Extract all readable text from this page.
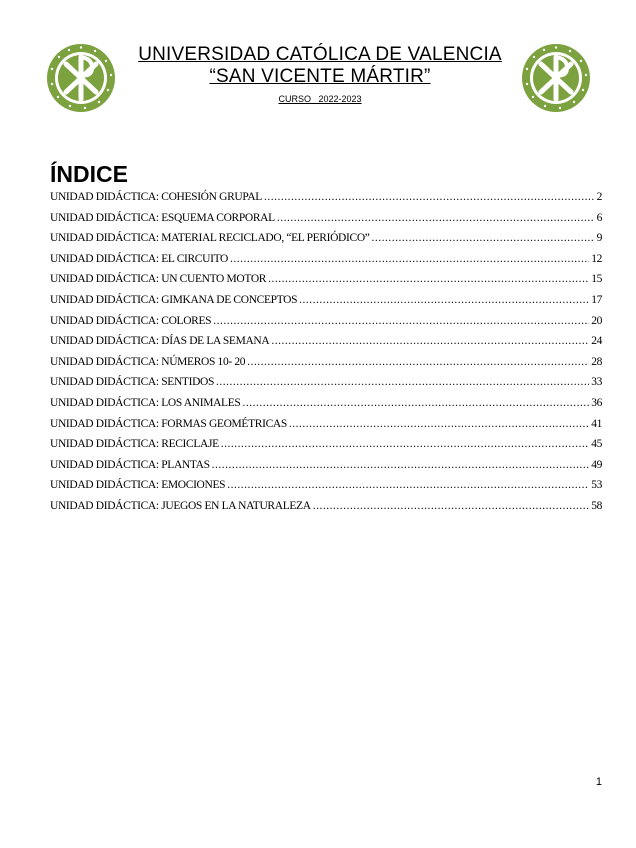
UNIVERSIDAD CATÓLICA DE VALENCIA
“SAN VICENTE MÁRTIR”
CURSO   2022-2023
ÍNDICE
UNIDAD DIDÁCTICA: COHESIÓN GRUPAL .....	2
UNIDAD DIDÁCTICA: ESQUEMA CORPORAL .....	6
UNIDAD DIDÁCTICA: MATERIAL RECICLADO, “EL PERIÓDICO” .....	9
UNIDAD DIDÁCTICA: EL CIRCUITO .....	12
UNIDAD DIDÁCTICA: UN CUENTO MOTOR .....	15
UNIDAD DIDÁCTICA: GIMKANA DE CONCEPTOS .....	17
UNIDAD DIDÁCTICA: COLORES .....	20
UNIDAD DIDÁCTICA: DÍAS DE LA SEMANA .....	24
UNIDAD DIDÁCTICA: NÚMEROS 10- 20 .....	28
UNIDAD DIDÁCTICA: SENTIDOS .....	33
UNIDAD DIDÁCTICA: LOS ANIMALES .....	36
UNIDAD DIDÁCTICA: FORMAS GEOMÉTRICAS .....	41
UNIDAD DIDÁCTICA: RECICLAJE .....	45
UNIDAD DIDÁCTICA: PLANTAS .....	49
UNIDAD DIDÁCTICA: EMOCIONES .....	53
UNIDAD DIDÁCTICA: JUEGOS EN LA NATURALEZA .....	58
1
